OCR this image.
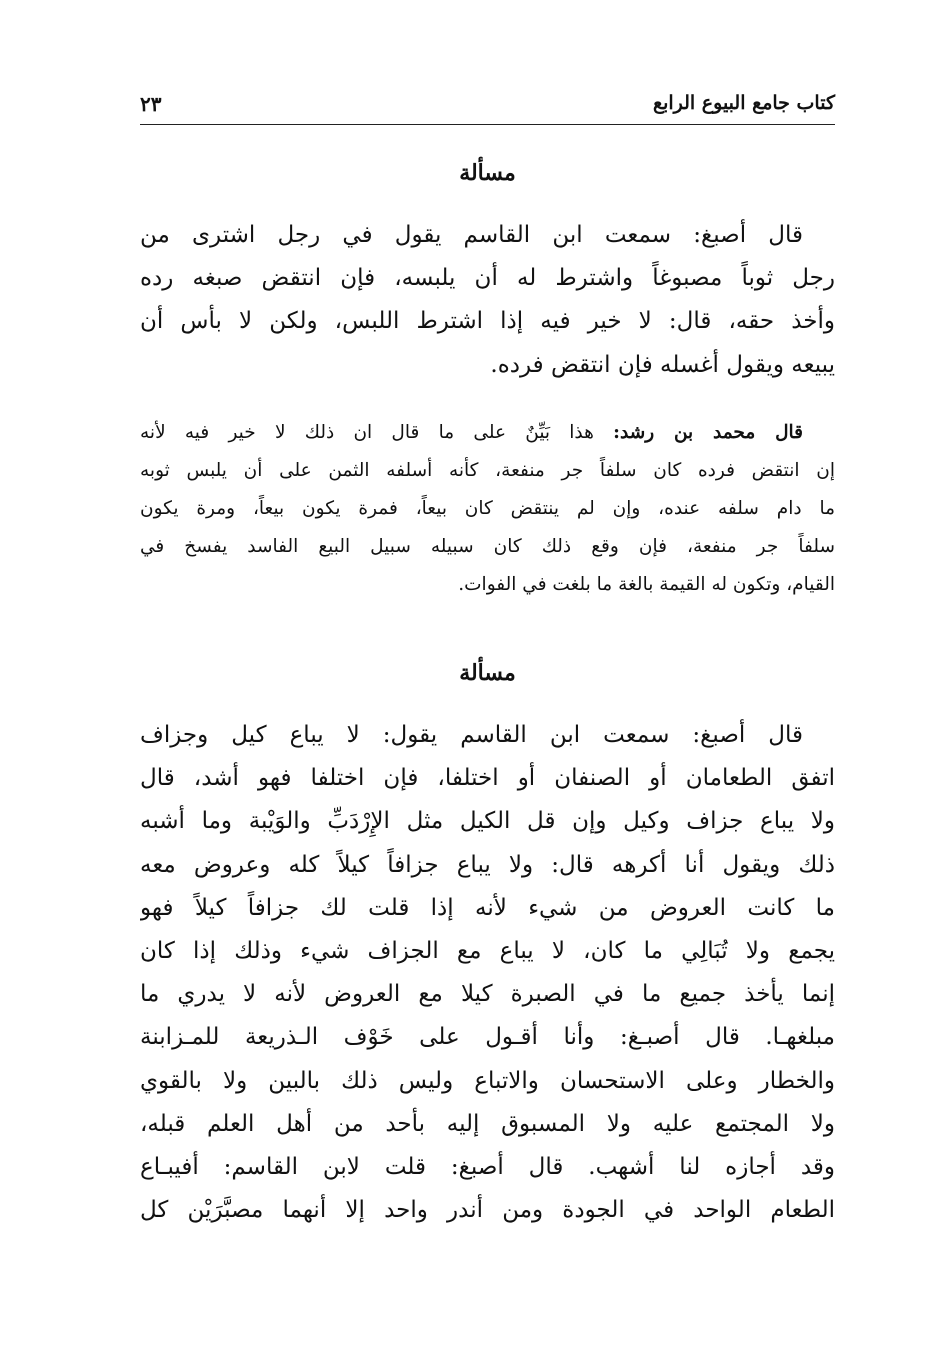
كتاب جامع البيوع الرابع
٢٣
مسألة
قال أصبغ: سمعت ابن القاسم يقول في رجل اشترى من
رجل ثوباً مصبوغاً واشترط له أن يلبسه، فإن انتقض صبغه رده
وأخذ حقه، قال: لا خير فيه إذا اشترط اللبس، ولكن لا بأس أن
يبيعه ويقول أغسله فإن انتقض فرده.
قال محمد بن رشد: هذا بَيِّنٌ على ما قال ان ذلك لا خير فيه لأنه
إن انتقض فرده كان سلفاً جر منفعة، كأنه أسلفه الثمن على أن يلبس ثوبه
ما دام سلفه عنده، وإن لم ينتقض كان بيعاً، فمرة يكون بيعاً، ومرة يكون
سلفاً جر منفعة، فإن وقع ذلك كان سبيله سبيل البيع الفاسد يفسخ في
القيام، وتكون له القيمة بالغة ما بلغت في الفوات.
مسألة
قال أصبغ: سمعت ابن القاسم يقول: لا يباع كيل وجزاف
اتفق الطعامان أو الصنفان أو اختلفا، فإن اختلفا فهو أشد، قال
ولا يباع جزاف وكيل وإن قل الكيل مثل الإِرْدَبِّ والوَيْبة وما أشبه
ذلك ويقول أنا أكرهه قال: ولا يباع جزافاً كيلاً كله وعروض معه
ما كانت العروض من شيء لأنه إذا قلت لك جزافاً كيلاً فهو
يجمع ولا تُبَالِي ما كان، لا يباع مع الجزاف شيء وذلك إذا كان
إنما يأخذ جميع ما في الصبرة كيلا مع العروض لأنه لا يدري ما
مبلغهـا. قال أصبـغ: وأنا أقـول على خَوْف الـذريعة للمـزابنة
والخطار وعلى الاستحسان والاتباع وليس ذلك بالبين ولا بالقوي
ولا المجتمع عليه ولا المسبوق إليه بأحد من أهل العلم قبله،
وقد أجازه لنا أشهب. قال أصبغ: قلت لابن القاسم: أفيبـاع
الطعام الواحد في الجودة ومن أندر واحد إلا أنهما مصبَّرَيْن كل
